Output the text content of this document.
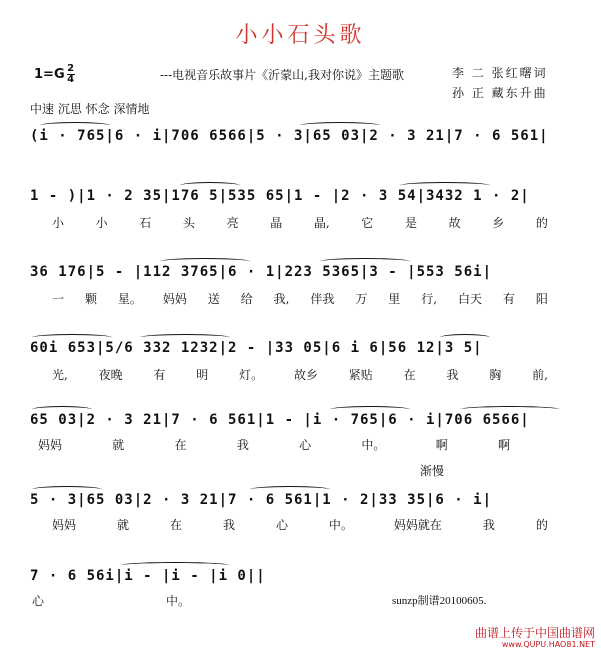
小小石头歌
$1=G \frac{2}{4}$	---电视音乐故事片《沂蒙山,我对你说》主题歌	李 二 张红曙词
孙 正 藏东升曲
中速 沉思 怀念 深情地
(i · 765|6 · i|706 6566|5 · 3|65 03|2 · 3 21|7 · 6 561|
1 - )|1 · 2 35|176 5|535 65|1 - |2 · 3 54|3432 1 · 2|
小	小	石	头	亮	晶	晶,	它	是	故	乡	的
36 176|5 - |112 3765|6 · 1|223 5365|3 - |553 56i|
一 颗 星。 妈妈 送 给 我, 伴我 万 里 行, 白天 有 阳
60i 653|5/6 332 1232|2 - |33 05|6 i 6|56 12|3 5|
光,	夜晚	有	明	灯。	故乡	紧贴	在	我	胸	前,
65 03|2 · 3 21|7 · 6 561|1 - |i · 765|6 · i|706 6566|
妈妈	就	在	我	心	中。	啊	啊
渐慢
5 · 3|65 03|2 · 3 21|7 · 6 561|1 · 2|33 35|6 · i|
妈妈	就	在	我	心	中。	妈妈就在	我	的
7 · 6 56i|i - |i - |i 0||
心	中。	sunzp制谱20100605.
曲谱上传于中国曲谱网
www.QUPU.HAO81.NET
